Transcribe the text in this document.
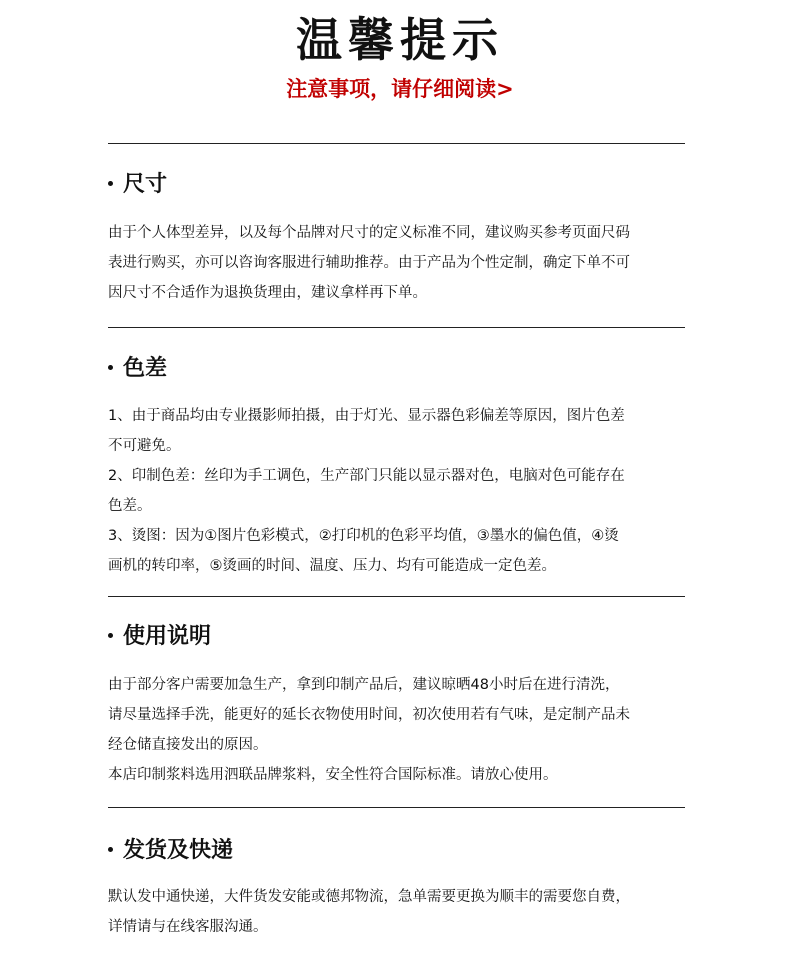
温馨提示
注意事项，请仔细阅读>
尺寸

由于个人体型差异，以及每个品牌对尺寸的定义标准不同，建议购买参考页面尺码

表进行购买，亦可以咨询客服进行辅助推荐。由于产品为个性定制，确定下单不可

因尺寸不合适作为退换货理由，建议拿样再下单。

色差

1、由于商品均由专业摄影师拍摄，由于灯光、显示器色彩偏差等原因，图片色差

不可避免。

2、印制色差：丝印为手工调色，生产部门只能以显示器对色，电脑对色可能存在

色差。

3、烫图：因为①图片色彩模式，②打印机的色彩平均值，③墨水的偏色值，④烫

画机的转印率，⑤烫画的时间、温度、压力、均有可能造成一定色差。

使用说明

由于部分客户需要加急生产，拿到印制产品后，建议晾晒48小时后在进行清洗，

请尽量选择手洗，能更好的延长衣物使用时间，初次使用若有气味，是定制产品未

经仓储直接发出的原因。

本店印制浆料选用泗联品牌浆料，安全性符合国际标准。请放心使用。

发货及快递

默认发中通快递，大件货发安能或德邦物流，急单需要更换为顺丰的需要您自费，

详情请与在线客服沟通。
